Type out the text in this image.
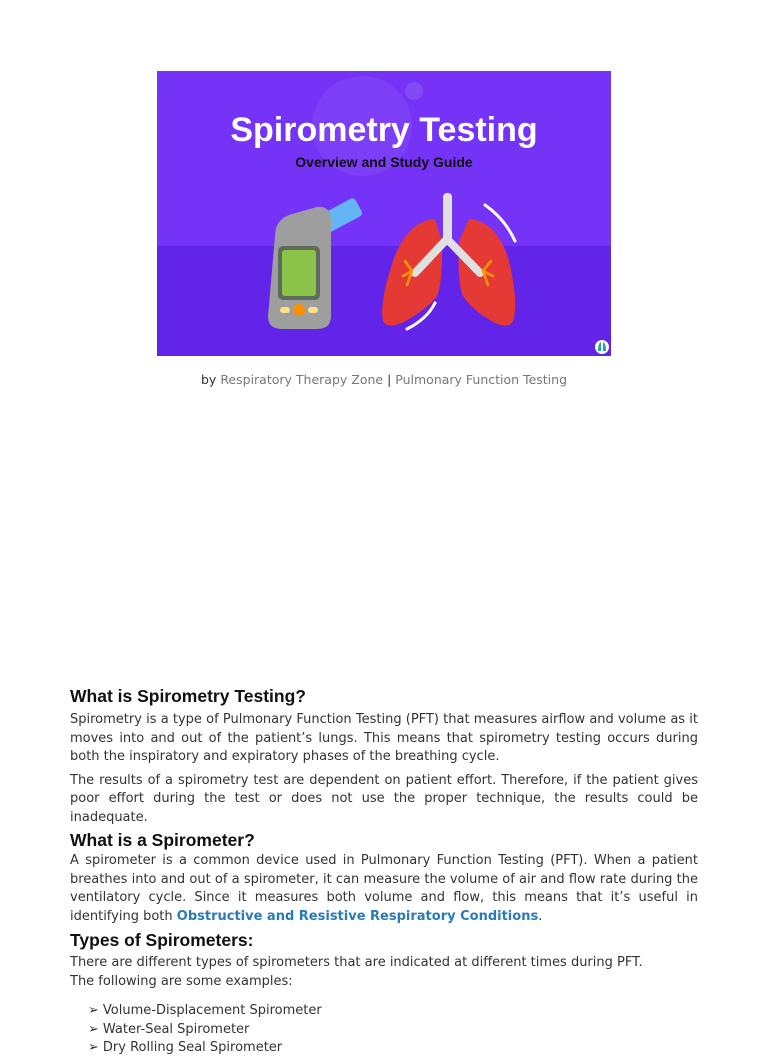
Spirometry Testing
Overview and Study Guide
by Respiratory Therapy Zone | Pulmonary Function Testing
What is Spirometry Testing?

Spirometry is a type of Pulmonary Function Testing (PFT) that measures airflow and volume as it moves into and out of the patient’s lungs. This means that spirometry testing occurs during both the inspiratory and expiratory phases of the breathing cycle.

The results of a spirometry test are dependent on patient effort. Therefore, if the patient gives poor effort during the test or does not use the proper technique, the results could be inadequate.

What is a Spirometer?

A spirometer is a common device used in Pulmonary Function Testing (PFT). When a patient breathes into and out of a spirometer, it can measure the volume of air and flow rate during the ventilatory cycle. Since it measures both volume and flow, this means that it’s useful in identifying both Obstructive and Resistive Respiratory Conditions.

Types of Spirometers:

There are different types of spirometers that are indicated at different times during PFT.

The following are some examples:

➢ Volume-Displacement Spirometer
➢ Water-Seal Spirometer
➢ Dry Rolling Seal Spirometer
